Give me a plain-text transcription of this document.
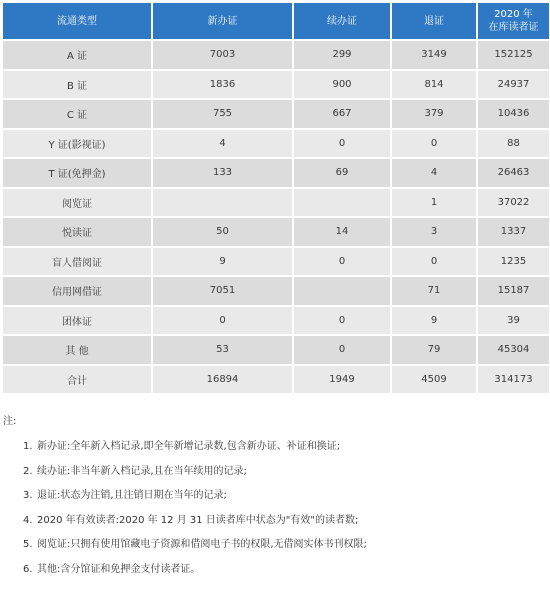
流通类型	新办证	续办证	退证	2020 年
在库读者证
A 证	7003	299	3149	152125
B 证	1836	900	814	24937
C 证	755	667	379	10436
Y 证(影视证)	4	0	0	88
T 证(免押金)	133	69	4	26463
阅览证			1	37022
悦读证	50	14	3	1337
盲人借阅证	9	0	0	1235
信用网借证	7051		71	15187
团体证	0	0	9	39
其 他	53	0	79	45304
合计	16894	1949	4509	314173
注:
1. 新办证:全年新入档记录,即全年新增记录数,包含新办证、补证和换证;
2. 续办证:非当年新入档记录,且在当年续用的记录;
3. 退证:状态为注销,且注销日期在当年的记录;
4. 2020 年有效读者:2020 年 12 月 31 日读者库中状态为"有效"的读者数;
5. 阅览证:只拥有使用馆藏电子资源和借阅电子书的权限,无借阅实体书刊权限;
6. 其他:含分馆证和免押金支付读者证。
